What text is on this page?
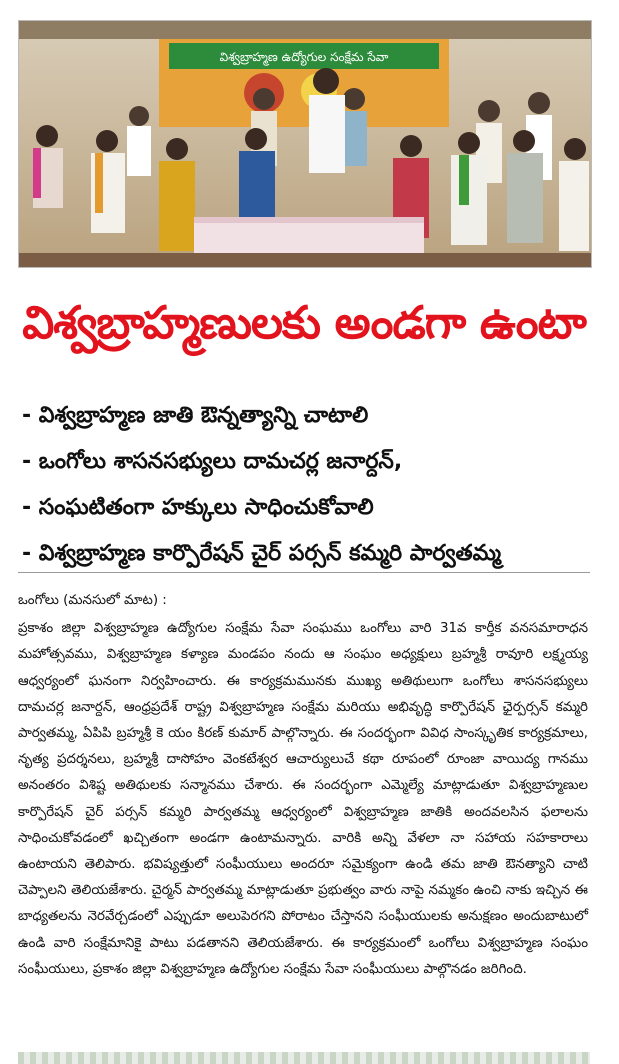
విశ్వబ్రాహ్మణ ఉద్యోగుల సంక్షేమ సేవా
విశ్వబ్రాహ్మణులకు అండగా ఉంటా
- విశ్వబ్రాహ్మణ జాతి ఔన్నత్యాన్ని చాటాలి
- ఒంగోలు శాసనసభ్యులు దామచర్ల జనార్దన్,
- సంఘటితంగా హక్కులు సాధించుకోవాలి
- విశ్వబ్రాహ్మణ కార్పొరేషన్ చైర్ పర్సన్ కమ్మరి పార్వతమ్మ
ఒంగోలు (మనసులో మాట) :

ప్రకాశం జిల్లా విశ్వబ్రాహ్మణ ఉద్యోగుల సంక్షేమ సేవా సంఘము ఒంగోలు వారి 31వ కార్తీక వనసమారాధన మహోత్సవము, విశ్వబ్రాహ్మణ కళ్యాణ మండపం నందు ఆ సంఘం అధ్యక్షులు బ్రహ్మశ్రీ రావూరి లక్ష్మయ్య ఆధ్వర్యంలో ఘనంగా నిర్వహించారు. ఈ కార్యక్రమమునకు ముఖ్య అతిథులుగా ఒంగోలు శాసనసభ్యులు దామచర్ల జనార్దన్, ఆంధ్రప్రదేశ్ రాష్ట్ర విశ్వబ్రాహ్మణ సంక్షేమ మరియు అభివృద్ధి కార్పొరేషన్ ఛైర్పర్సన్ కమ్మరి పార్వతమ్మ, ఏపిపి బ్రహ్మశ్రీ కె యం కిరణ్ కుమార్ పాల్గొన్నారు. ఈ సందర్భంగా వివిధ సాంస్కృతిక కార్యక్రమాలు, నృత్య ప్రదర్శనలు, బ్రహ్మశ్రీ దాసోహం వెంకటేశ్వర ఆచార్యులుచే కథా రూపంలో రూంజా వాయిద్య గానము అనంతరం విశిష్ట అతిథులకు సన్మానము చేశారు. ఈ సందర్భంగా ఎమ్మెల్యే మాట్లాడుతూ విశ్వబ్రాహ్మణుల కార్పొరేషన్ చైర్ పర్సన్ కమ్మరి పార్వతమ్మ ఆధ్వర్యంలో విశ్వబ్రాహ్మణ జాతికి అందవలసిన ఫలాలను సాధించుకోవడంలో ఖచ్చితంగా అండగా ఉంటామన్నారు. వారికి అన్ని వేళలా నా సహాయ సహకారాలు ఉంటాయని తెలిపారు. భవిష్యత్తులో సంఘీయులు అందరూ సమైక్యంగా ఉండి తమ జాతి ఔనత్యాని చాటి చెప్పాలని తెలియజేశారు. చైర్మన్ పార్వతమ్మ మాట్లాడుతూ ప్రభుత్వం వారు నాపై నమ్మకం ఉంచి నాకు ఇచ్చిన ఈ బాధ్యతలను నెరవేర్చడంలో ఎప్పుడూ అలుపెరగని పోరాటం చేస్తానని సంఘీయులకు అనుక్షణం అందుబాటులో ఉండి వారి సంక్షేమానికై పాటు పడతానని తెలియజేశారు. ఈ కార్యక్రమంలో ఒంగోలు విశ్వబ్రాహ్మణ సంఘం సంఘీయులు, ప్రకాశం జిల్లా విశ్వబ్రాహ్మణ ఉద్యోగుల సంక్షేమ సేవా సంఘీయులు పాల్గొనడం జరిగింది.
